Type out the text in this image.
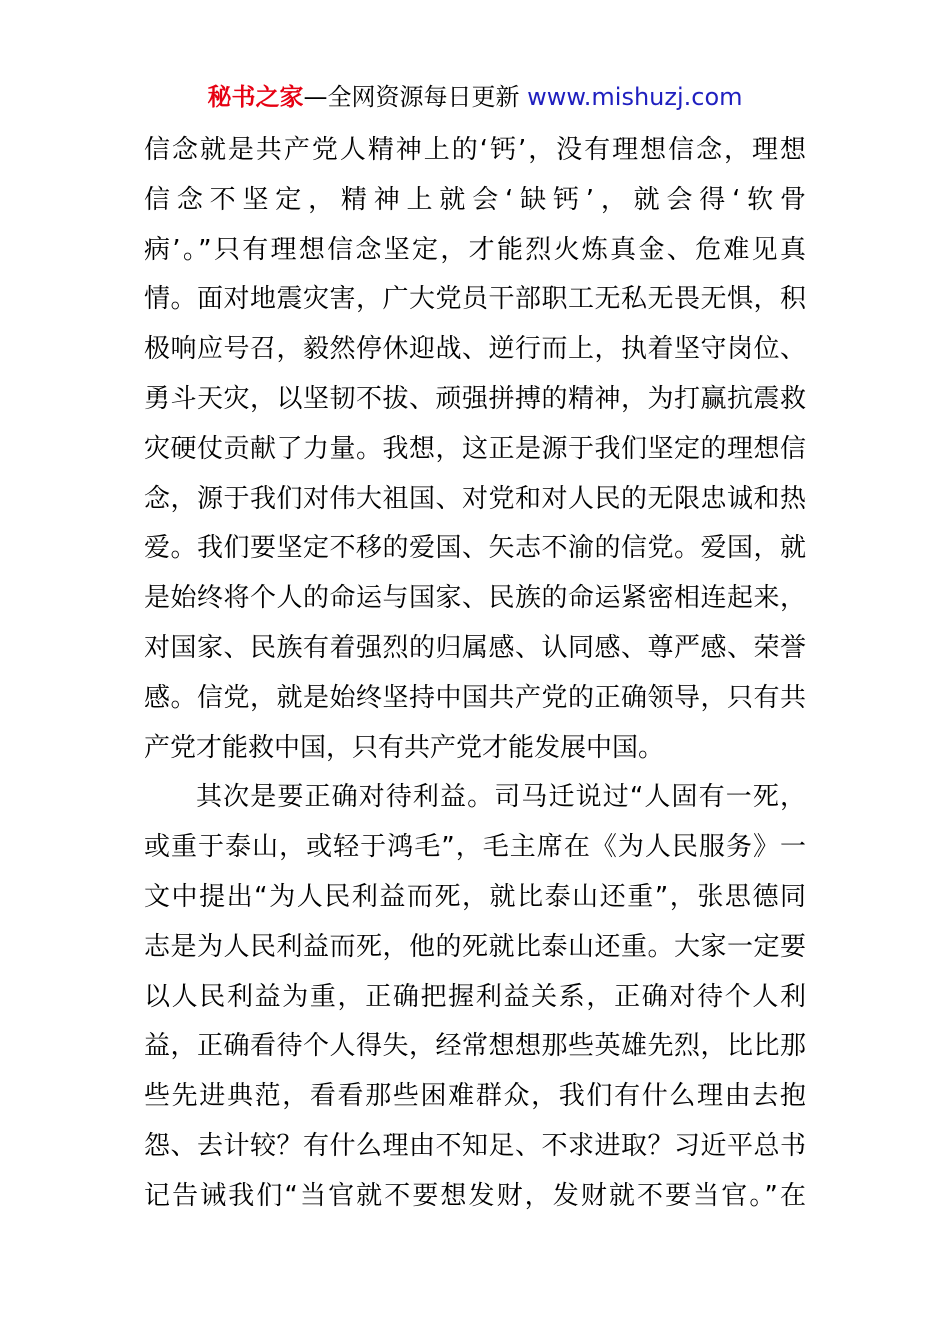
秘书之家—全网资源每日更新 www.mishuzj.com
信念就是共产党人精神上的‘钙’，没有理想信念，理想
信念不坚定，精神上就会‘缺钙’，就会得‘软骨
病’。”只有理想信念坚定，才能烈火炼真金、危难见真
情。面对地震灾害，广大党员干部职工无私无畏无惧，积
极响应号召，毅然停休迎战、逆行而上，执着坚守岗位、
勇斗天灾，以坚韧不拔、顽强拼搏的精神，为打赢抗震救
灾硬仗贡献了力量。我想，这正是源于我们坚定的理想信
念，源于我们对伟大祖国、对党和对人民的无限忠诚和热
爱。我们要坚定不移的爱国、矢志不渝的信党。爱国，就
是始终将个人的命运与国家、民族的命运紧密相连起来，
对国家、民族有着强烈的归属感、认同感、尊严感、荣誉
感。信党，就是始终坚持中国共产党的正确领导，只有共
产党才能救中国，只有共产党才能发展中国。
其次是要正确对待利益。司马迁说过“人固有一死，
或重于泰山，或轻于鸿毛”，毛主席在《为人民服务》一
文中提出“为人民利益而死，就比泰山还重”，张思德同
志是为人民利益而死，他的死就比泰山还重。大家一定要
以人民利益为重，正确把握利益关系，正确对待个人利
益，正确看待个人得失，经常想想那些英雄先烈，比比那
些先进典范，看看那些困难群众，我们有什么理由去抱
怨、去计较？有什么理由不知足、不求进取？习近平总书
记告诫我们“当官就不要想发财，发财就不要当官。”在
